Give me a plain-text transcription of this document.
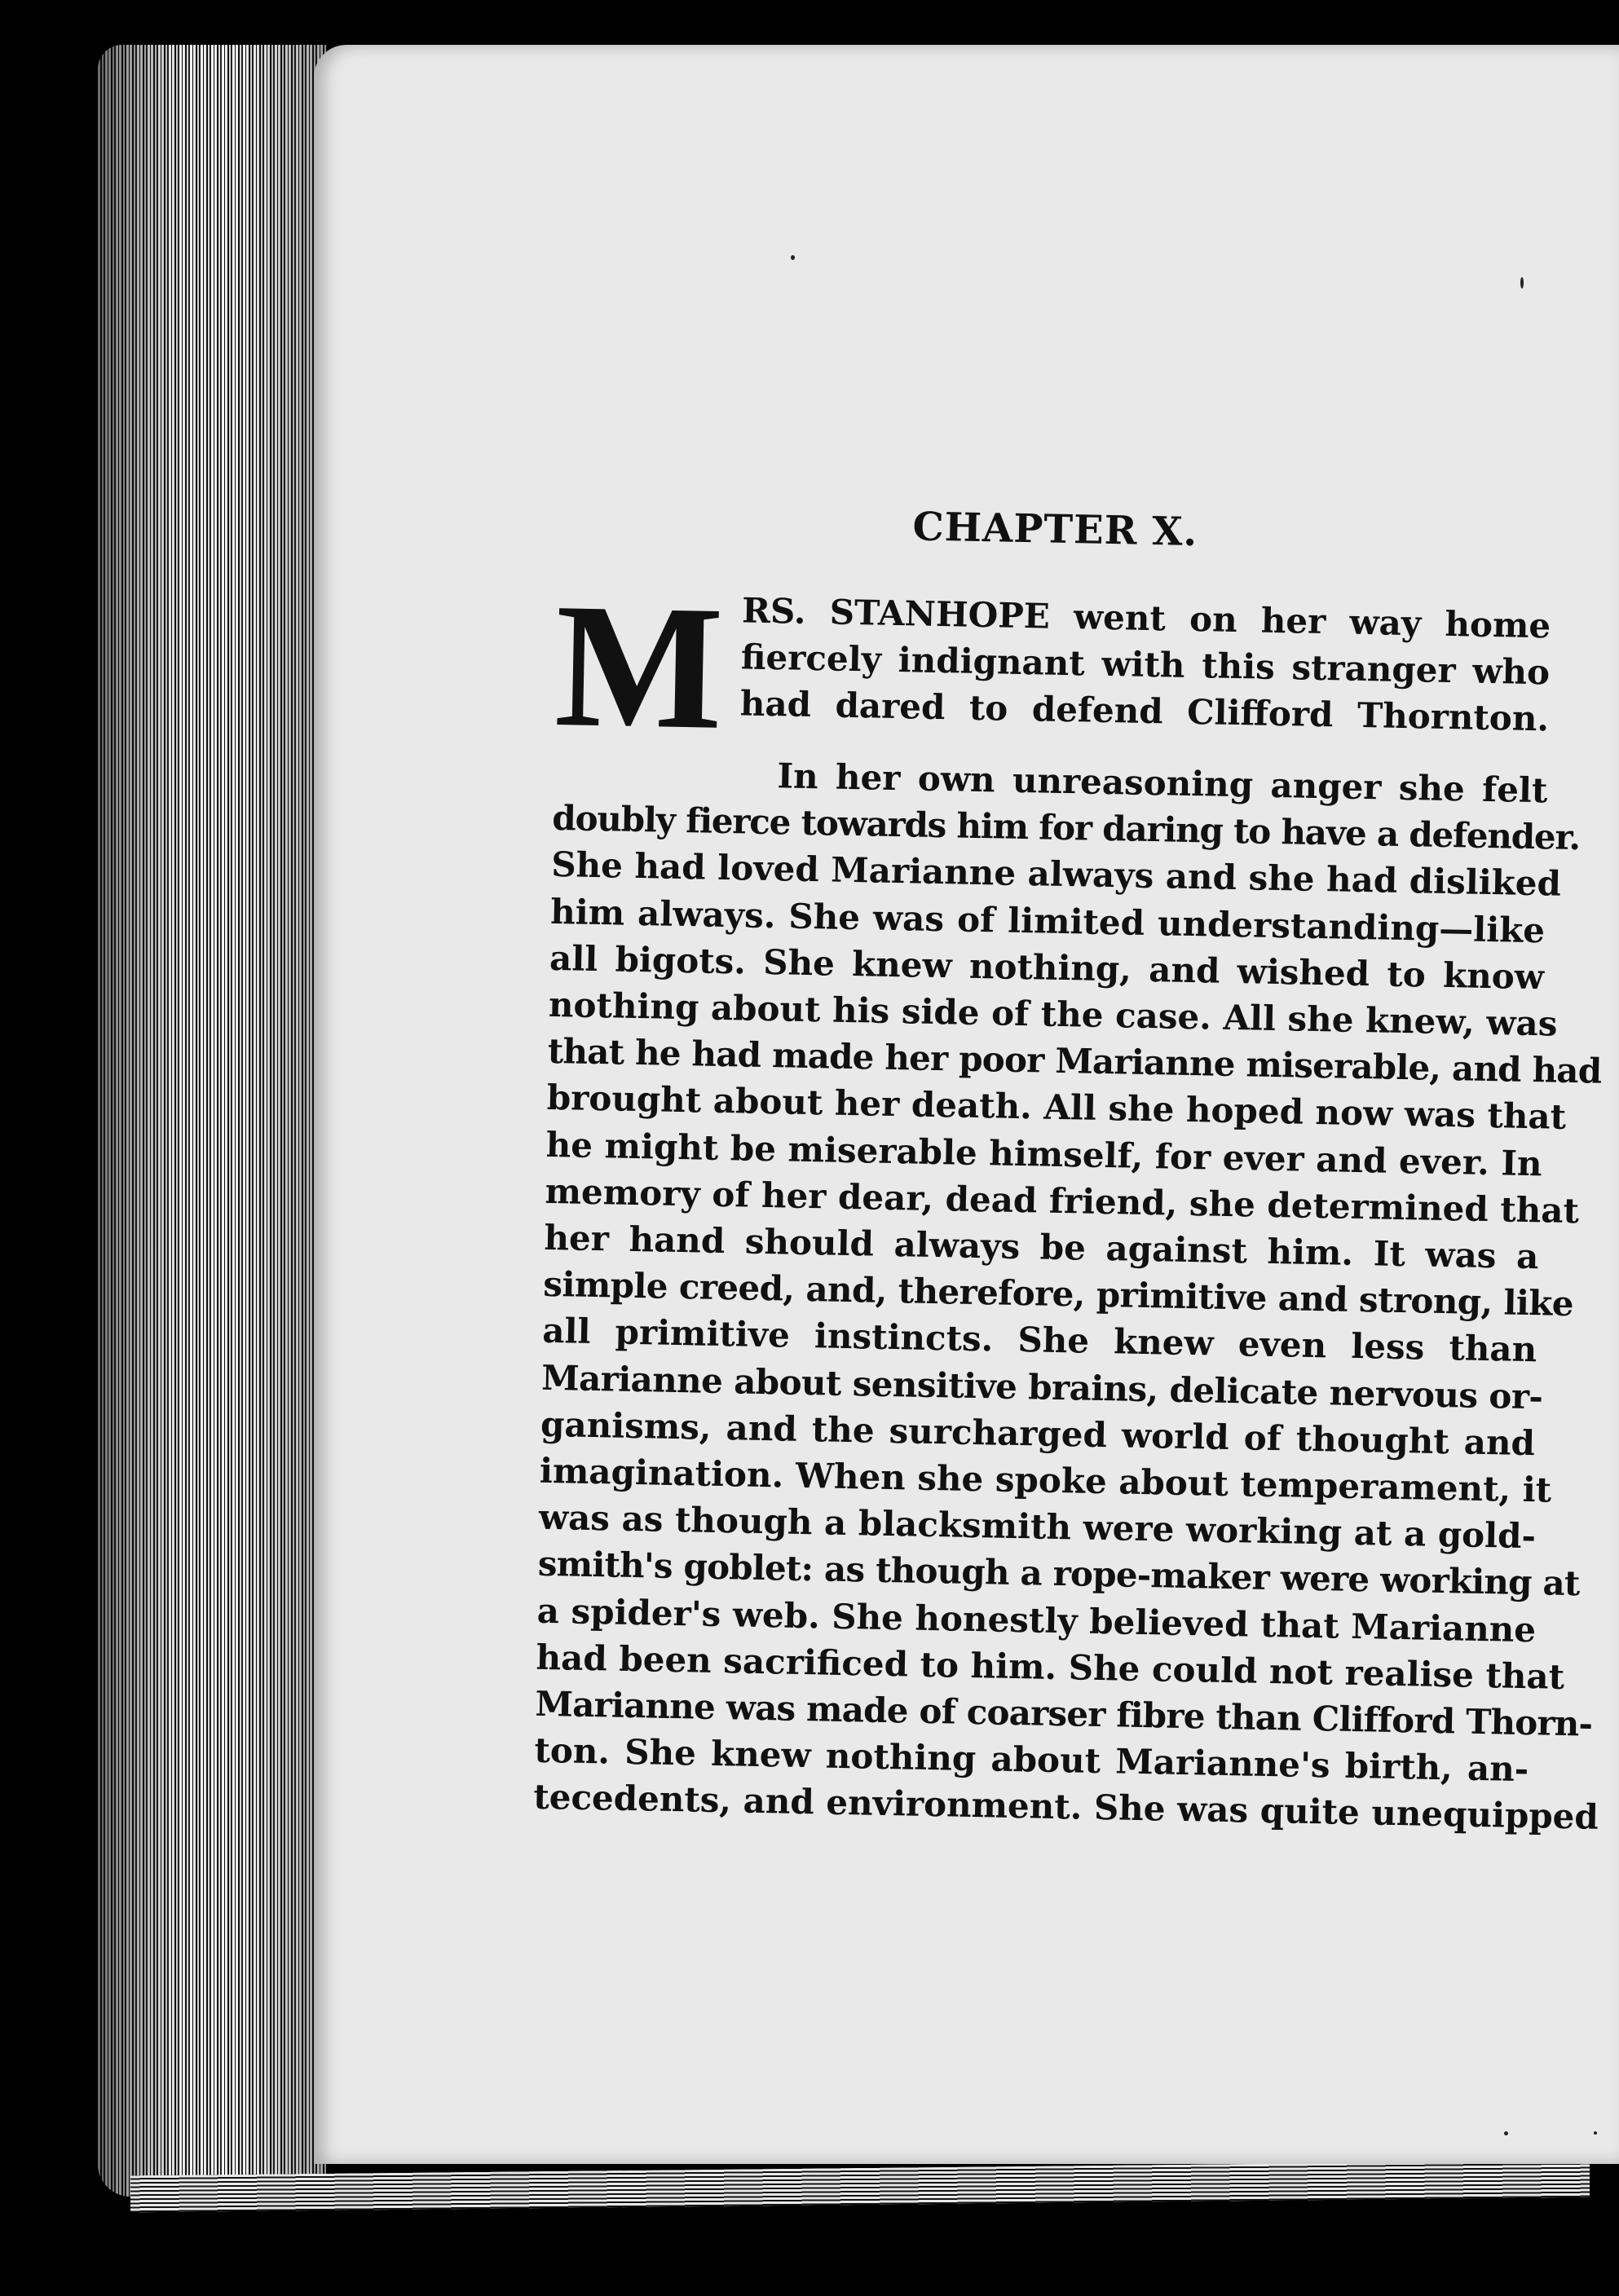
CHAPTER X.
M RS. STANHOPE went on her way home
fiercely indignant with this stranger who
had dared to defend Clifford Thornton.
In her own unreasoning anger she felt
doubly fierce towards him for daring to have a defender.
She had loved Marianne always and she had disliked
him always. She was of limited understanding—like
all bigots. She knew nothing, and wished to know
nothing about his side of the case. All she knew, was
that he had made her poor Marianne miserable, and had
brought about her death. All she hoped now was that
he might be miserable himself, for ever and ever. In
memory of her dear, dead friend, she determined that
her hand should always be against him. It was a
simple creed, and, therefore, primitive and strong, like
all primitive instincts. She knew even less than
Marianne about sensitive brains, delicate nervous or-
ganisms, and the surcharged world of thought and
imagination. When she spoke about temperament, it
was as though a blacksmith were working at a gold-
smith's goblet: as though a rope-maker were working at
a spider's web. She honestly believed that Marianne
had been sacrificed to him. She could not realise that
Marianne was made of coarser fibre than Clifford Thorn-
ton. She knew nothing about Marianne's birth, an-
tecedents, and environment. She was quite unequipped
